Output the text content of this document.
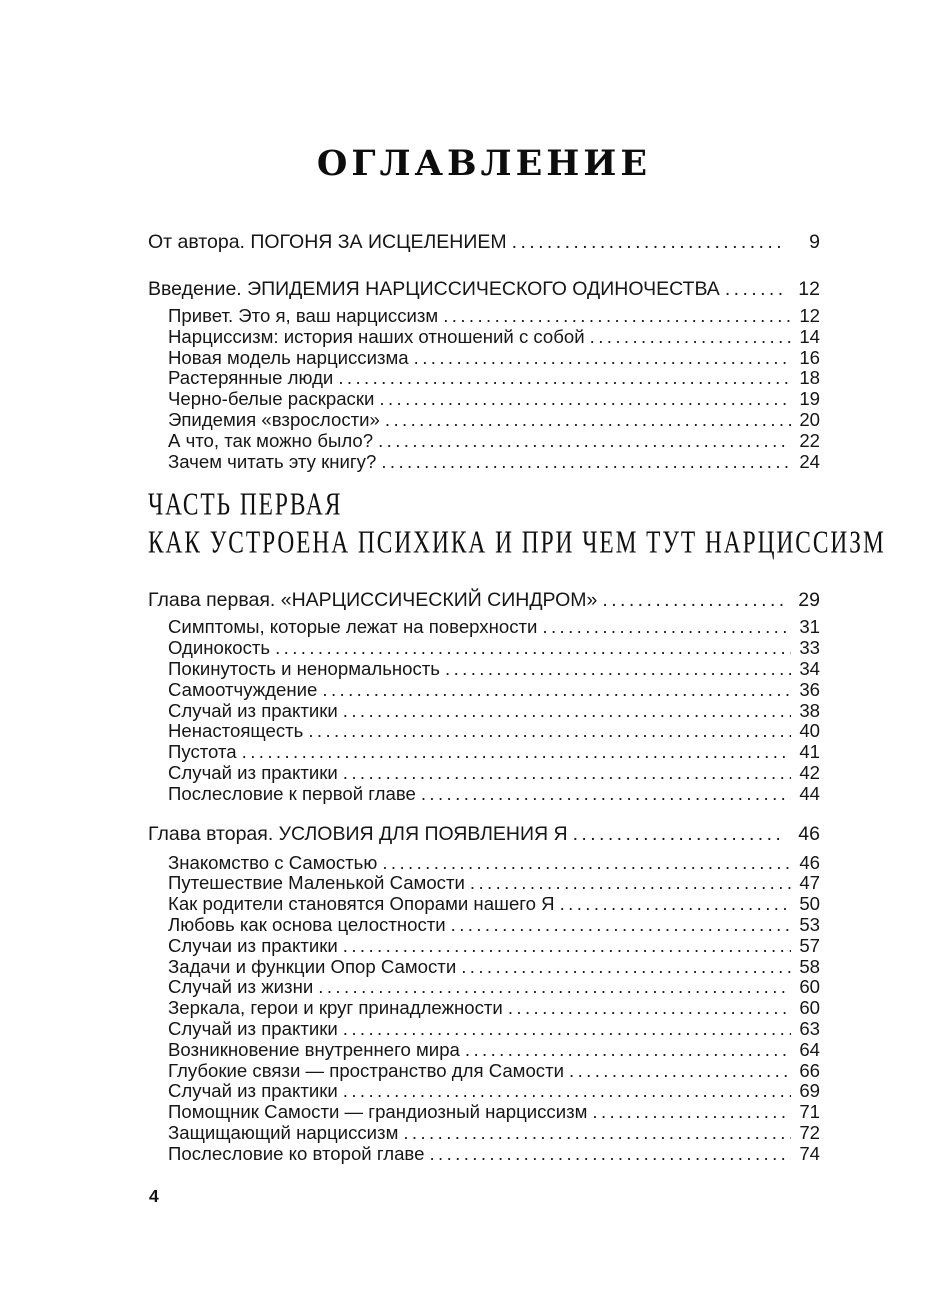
ОГЛАВЛЕНИЕ
От автора. ПОГОНЯ ЗА ИСЦЕЛЕНИЕМ .....	9
Введение. ЭПИДЕМИЯ НАРЦИССИЧЕСКОГО ОДИНОЧЕСТВА .....	12
Привет. Это я, ваш нарциссизм .....	12
Нарциссизм: история наших отношений с собой .....	14
Новая модель нарциссизма .....	16
Растерянные люди .....	18
Черно-белые раскраски .....	19
Эпидемия «взрослости» .....	20
А что, так можно было? .....	22
Зачем читать эту книгу? .....	24
ЧАСТЬ ПЕРВАЯ
КАК УСТРОЕНА ПСИХИКА И ПРИ ЧЕМ ТУТ НАРЦИССИЗМ
Глава первая. «НАРЦИССИЧЕСКИЙ СИНДРОМ» .....	29
Симптомы, которые лежат на поверхности .....	31
Одинокость .....	33
Покинутость и ненормальность .....	34
Самоотчуждение .....	36
Случай из практики .....	38
Ненастоящесть .....	40
Пустота .....	41
Случай из практики .....	42
Послесловие к первой главе .....	44
Глава вторая. УСЛОВИЯ ДЛЯ ПОЯВЛЕНИЯ Я .....	46
Знакомство с Самостью .....	46
Путешествие Маленькой Самости .....	47
Как родители становятся Опорами нашего Я .....	50
Любовь как основа целостности .....	53
Случаи из практики .....	57
Задачи и функции Опор Самости .....	58
Случай из жизни .....	60
Зеркала, герои и круг принадлежности .....	60
Случай из практики .....	63
Возникновение внутреннего мира .....	64
Глубокие связи — пространство для Самости .....	66
Случай из практики .....	69
Помощник Самости — грандиозный нарциссизм .....	71
Защищающий нарциссизм .....	72
Послесловие ко второй главе .....	74
4
